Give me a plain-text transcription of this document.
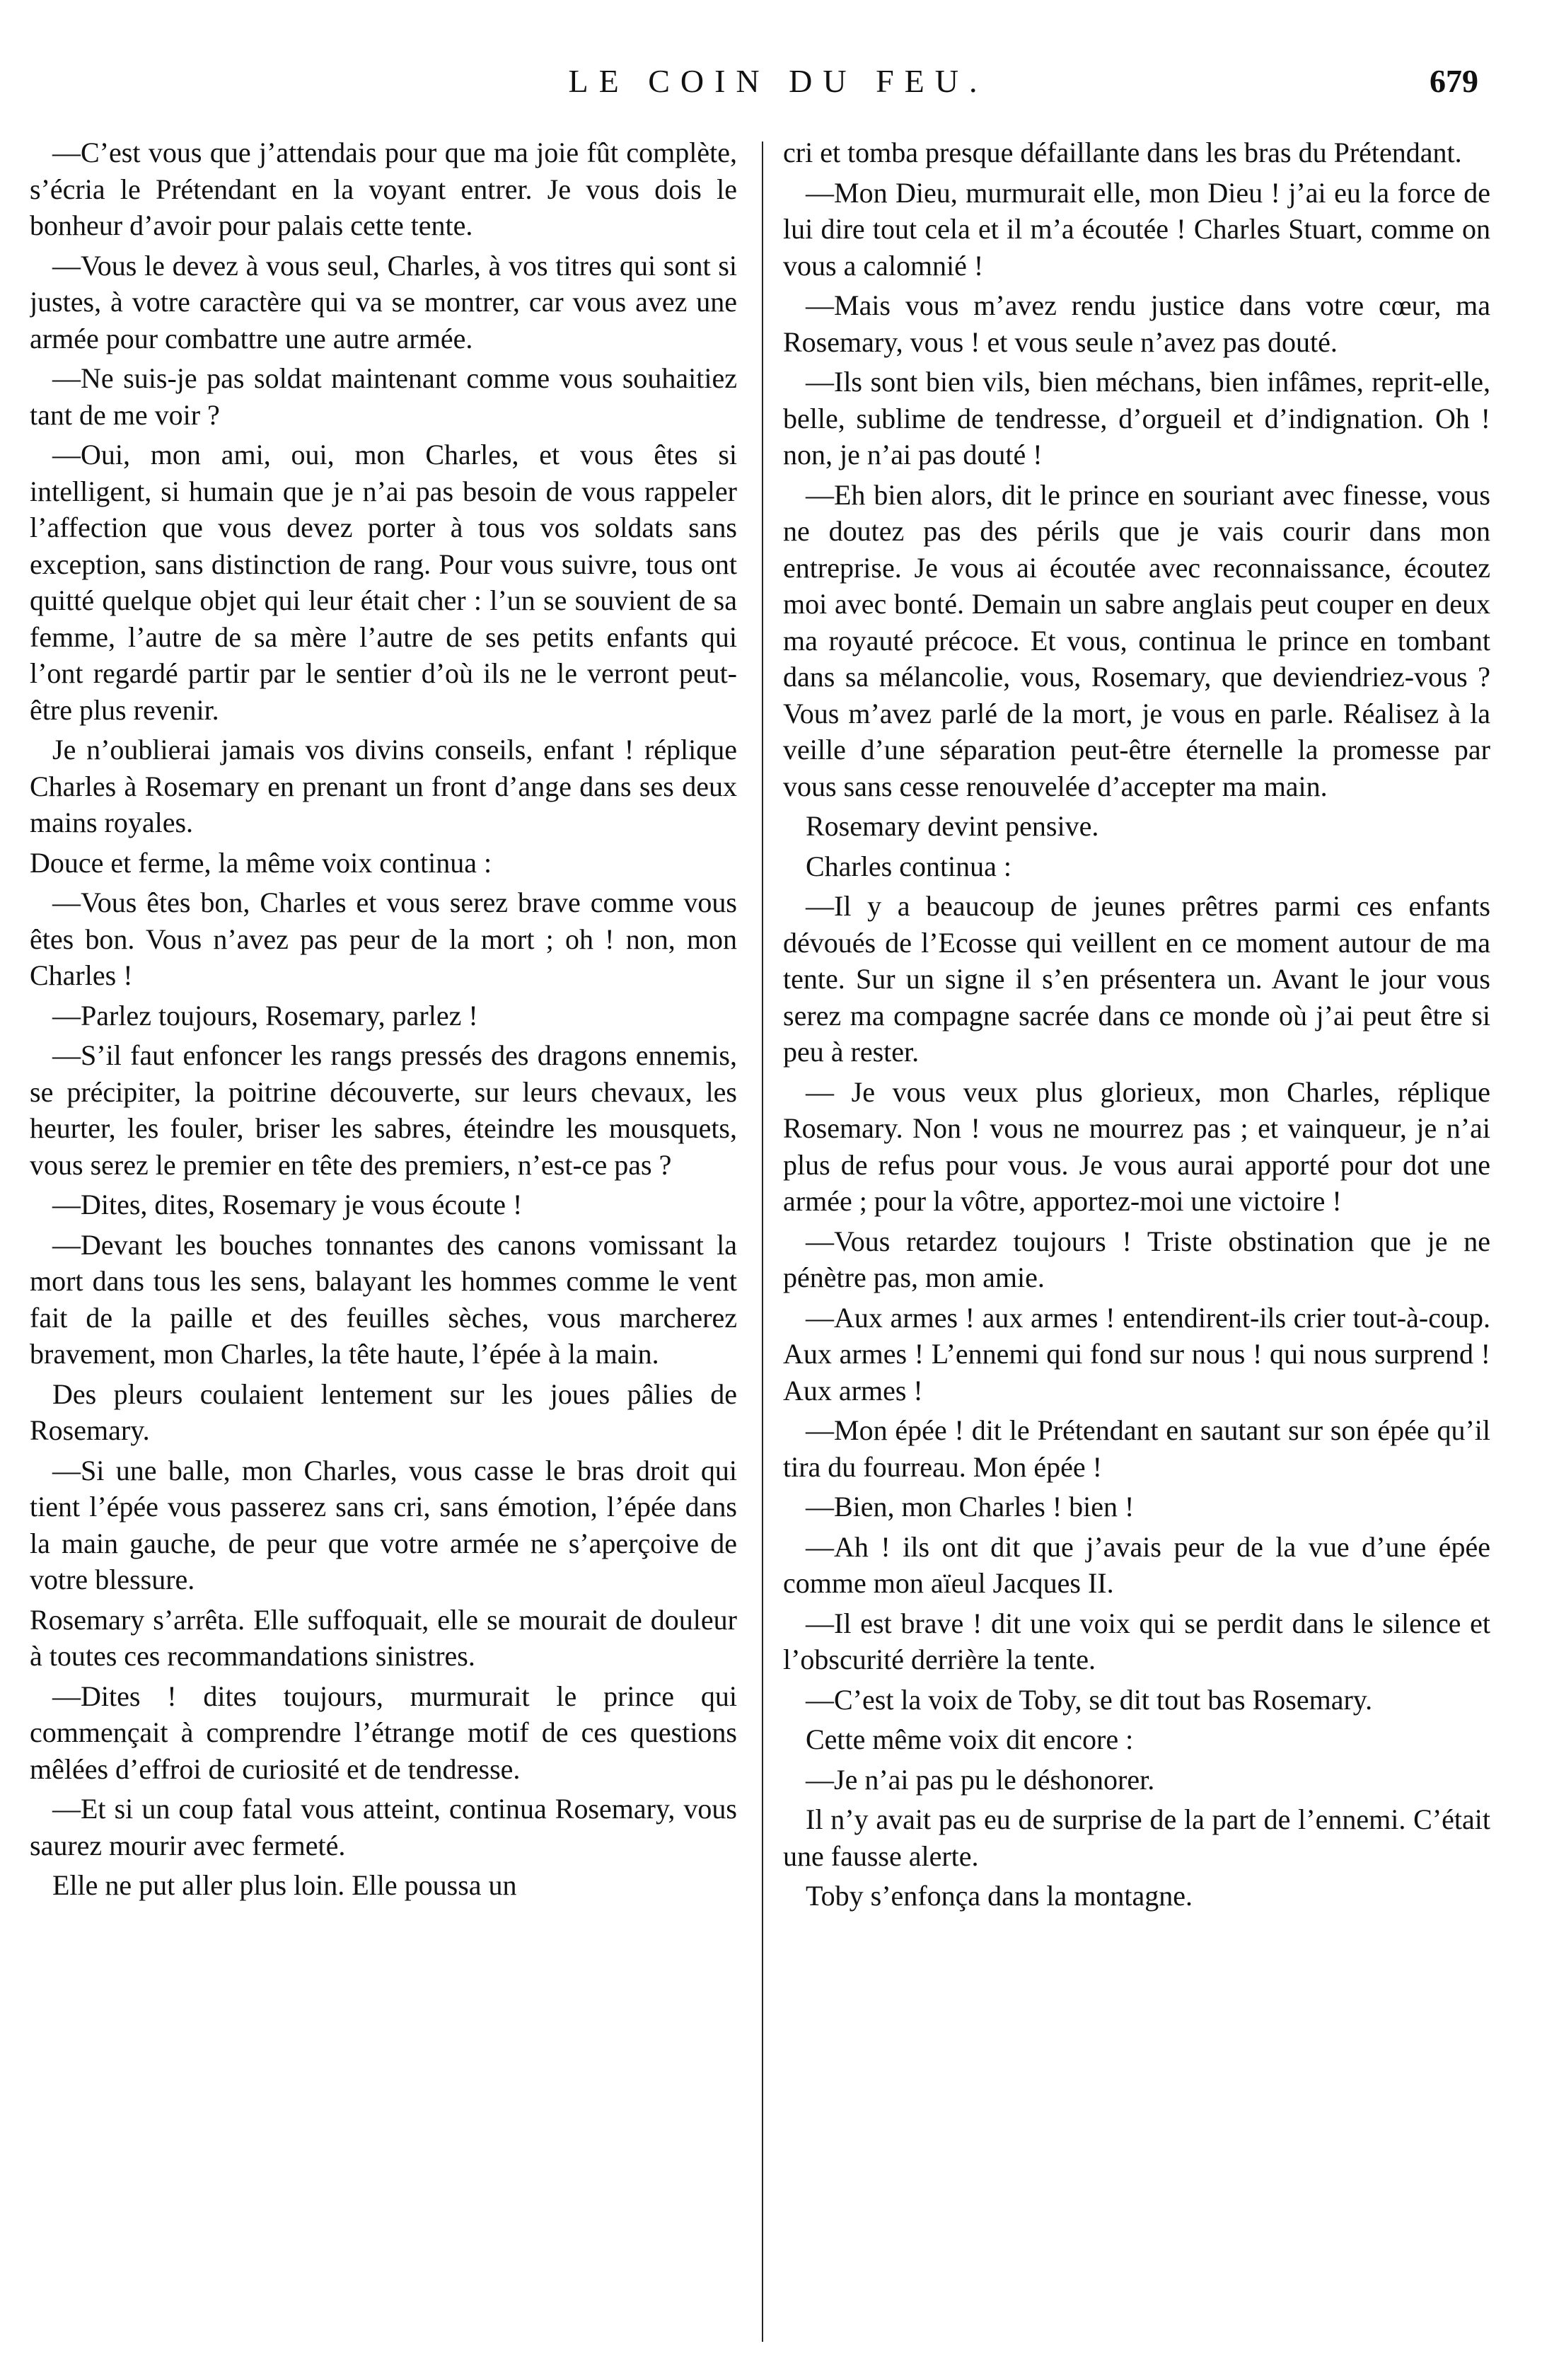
LE COIN DU FEU.	679

—C’est vous que j’attendais pour que ma joie fût complète, s’écria le Prétendant en la voyant entrer. Je vous dois le bonheur d’avoir pour palais cette tente.

—Vous le devez à vous seul, Charles, à vos titres qui sont si justes, à votre caractère qui va se montrer, car vous avez une armée pour combattre une autre armée.

—Ne suis-je pas soldat maintenant comme vous souhaitiez tant de me voir ?

—Oui, mon ami, oui, mon Charles, et vous êtes si intelligent, si humain que je n’ai pas besoin de vous rappeler l’affection que vous devez porter à tous vos soldats sans exception, sans distinction de rang. Pour vous suivre, tous ont quitté quelque objet qui leur était cher : l’un se souvient de sa femme, l’autre de sa mère l’autre de ses petits enfants qui l’ont regardé partir par le sentier d’où ils ne le verront peut-être plus revenir.

Je n’oublierai jamais vos divins conseils, enfant ! réplique Charles à Rosemary en prenant un front d’ange dans ses deux mains royales.

Douce et ferme, la même voix continua :

—Vous êtes bon, Charles et vous serez brave comme vous êtes bon. Vous n’avez pas peur de la mort ; oh ! non, mon Charles !

—Parlez toujours, Rosemary, parlez !

—S’il faut enfoncer les rangs pressés des dragons ennemis, se précipiter, la poitrine découverte, sur leurs chevaux, les heurter, les fouler, briser les sabres, éteindre les mousquets, vous serez le premier en tête des premiers, n’est-ce pas ?

—Dites, dites, Rosemary je vous écoute !

—Devant les bouches tonnantes des canons vomissant la mort dans tous les sens, balayant les hommes comme le vent fait de la paille et des feuilles sèches, vous marcherez bravement, mon Charles, la tête haute, l’épée à la main.

Des pleurs coulaient lentement sur les joues pâlies de Rosemary.

—Si une balle, mon Charles, vous casse le bras droit qui tient l’épée vous passerez sans cri, sans émotion, l’épée dans la main gauche, de peur que votre armée ne s’aperçoive de votre blessure.

Rosemary s’arrêta. Elle suffoquait, elle se mourait de douleur à toutes ces recommandations sinistres.

—Dites ! dites toujours, murmurait le prince qui commençait à comprendre l’étrange motif de ces questions mêlées d’effroi de curiosité et de tendresse.

—Et si un coup fatal vous atteint, continua Rosemary, vous saurez mourir avec fermeté.

Elle ne put aller plus loin. Elle poussa un

cri et tomba presque défaillante dans les bras du Prétendant.

—Mon Dieu, murmurait elle, mon Dieu ! j’ai eu la force de lui dire tout cela et il m’a écoutée ! Charles Stuart, comme on vous a calomnié !

—Mais vous m’avez rendu justice dans votre cœur, ma Rosemary, vous ! et vous seule n’avez pas douté.

—Ils sont bien vils, bien méchans, bien infâmes, reprit-elle, belle, sublime de tendresse, d’orgueil et d’indignation. Oh ! non, je n’ai pas douté !

—Eh bien alors, dit le prince en souriant avec finesse, vous ne doutez pas des périls que je vais courir dans mon entreprise. Je vous ai écoutée avec reconnaissance, écoutez moi avec bonté. Demain un sabre anglais peut couper en deux ma royauté précoce. Et vous, continua le prince en tombant dans sa mélancolie, vous, Rosemary, que deviendriez-vous ? Vous m’avez parlé de la mort, je vous en parle. Réalisez à la veille d’une séparation peut-être éternelle la promesse par vous sans cesse renouvelée d’accepter ma main.

Rosemary devint pensive.

Charles continua :

—Il y a beaucoup de jeunes prêtres parmi ces enfants dévoués de l’Ecosse qui veillent en ce moment autour de ma tente. Sur un signe il s’en présentera un. Avant le jour vous serez ma compagne sacrée dans ce monde où j’ai peut être si peu à rester.

— Je vous veux plus glorieux, mon Charles, réplique Rosemary. Non ! vous ne mourrez pas ; et vainqueur, je n’ai plus de refus pour vous. Je vous aurai apporté pour dot une armée ; pour la vôtre, apportez-moi une victoire !

—Vous retardez toujours ! Triste obstination que je ne pénètre pas, mon amie.

—Aux armes ! aux armes ! entendirent-ils crier tout-à-coup. Aux armes ! L’ennemi qui fond sur nous ! qui nous surprend ! Aux armes !

—Mon épée ! dit le Prétendant en sautant sur son épée qu’il tira du fourreau. Mon épée !

—Bien, mon Charles ! bien !

—Ah ! ils ont dit que j’avais peur de la vue d’une épée comme mon aïeul Jacques II.

—Il est brave ! dit une voix qui se perdit dans le silence et l’obscurité derrière la tente.

—C’est la voix de Toby, se dit tout bas Rosemary.

Cette même voix dit encore :

—Je n’ai pas pu le déshonorer.

Il n’y avait pas eu de surprise de la part de l’ennemi. C’était une fausse alerte.

Toby s’enfonça dans la montagne.
